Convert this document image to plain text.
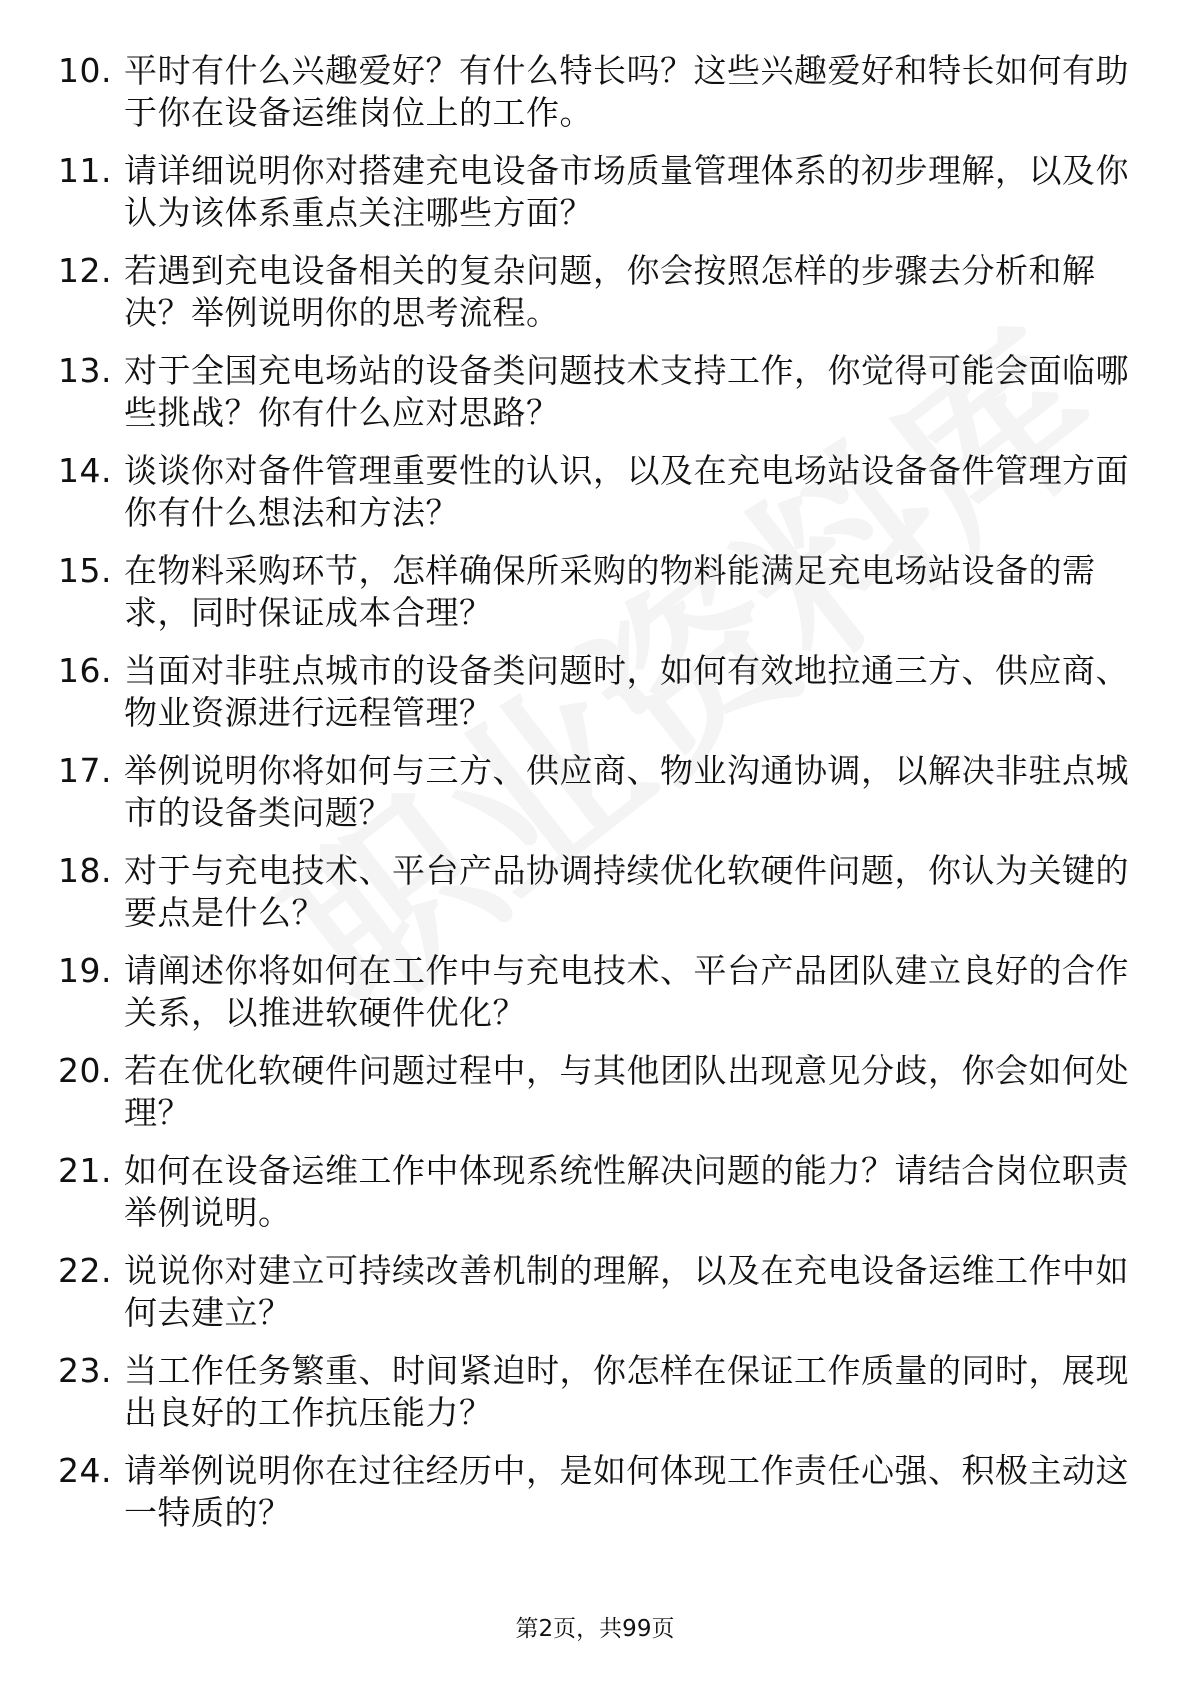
10. 平时有什么兴趣爱好？有什么特长吗？这些兴趣爱好和特长如何有助于你在设备运维岗位上的工作。
11. 请详细说明你对搭建充电设备市场质量管理体系的初步理解，以及你认为该体系重点关注哪些方面？
12. 若遇到充电设备相关的复杂问题，你会按照怎样的步骤去分析和解决？举例说明你的思考流程。
13. 对于全国充电场站的设备类问题技术支持工作，你觉得可能会面临哪些挑战？你有什么应对思路？
14. 谈谈你对备件管理重要性的认识，以及在充电场站设备备件管理方面你有什么想法和方法？
15. 在物料采购环节，怎样确保所采购的物料能满足充电场站设备的需求，同时保证成本合理？
16. 当面对非驻点城市的设备类问题时，如何有效地拉通三方、供应商、物业资源进行远程管理？
17. 举例说明你将如何与三方、供应商、物业沟通协调，以解决非驻点城市的设备类问题？
18. 对于与充电技术、平台产品协调持续优化软硬件问题，你认为关键的要点是什么？
19. 请阐述你将如何在工作中与充电技术、平台产品团队建立良好的合作关系，以推进软硬件优化？
20. 若在优化软硬件问题过程中，与其他团队出现意见分歧，你会如何处理？
21. 如何在设备运维工作中体现系统性解决问题的能力？请结合岗位职责举例说明。
22. 说说你对建立可持续改善机制的理解，以及在充电设备运维工作中如何去建立？
23. 当工作任务繁重、时间紧迫时，你怎样在保证工作质量的同时，展现出良好的工作抗压能力？
24. 请举例说明你在过往经历中，是如何体现工作责任心强、积极主动这一特质的？
第2页，共99页
